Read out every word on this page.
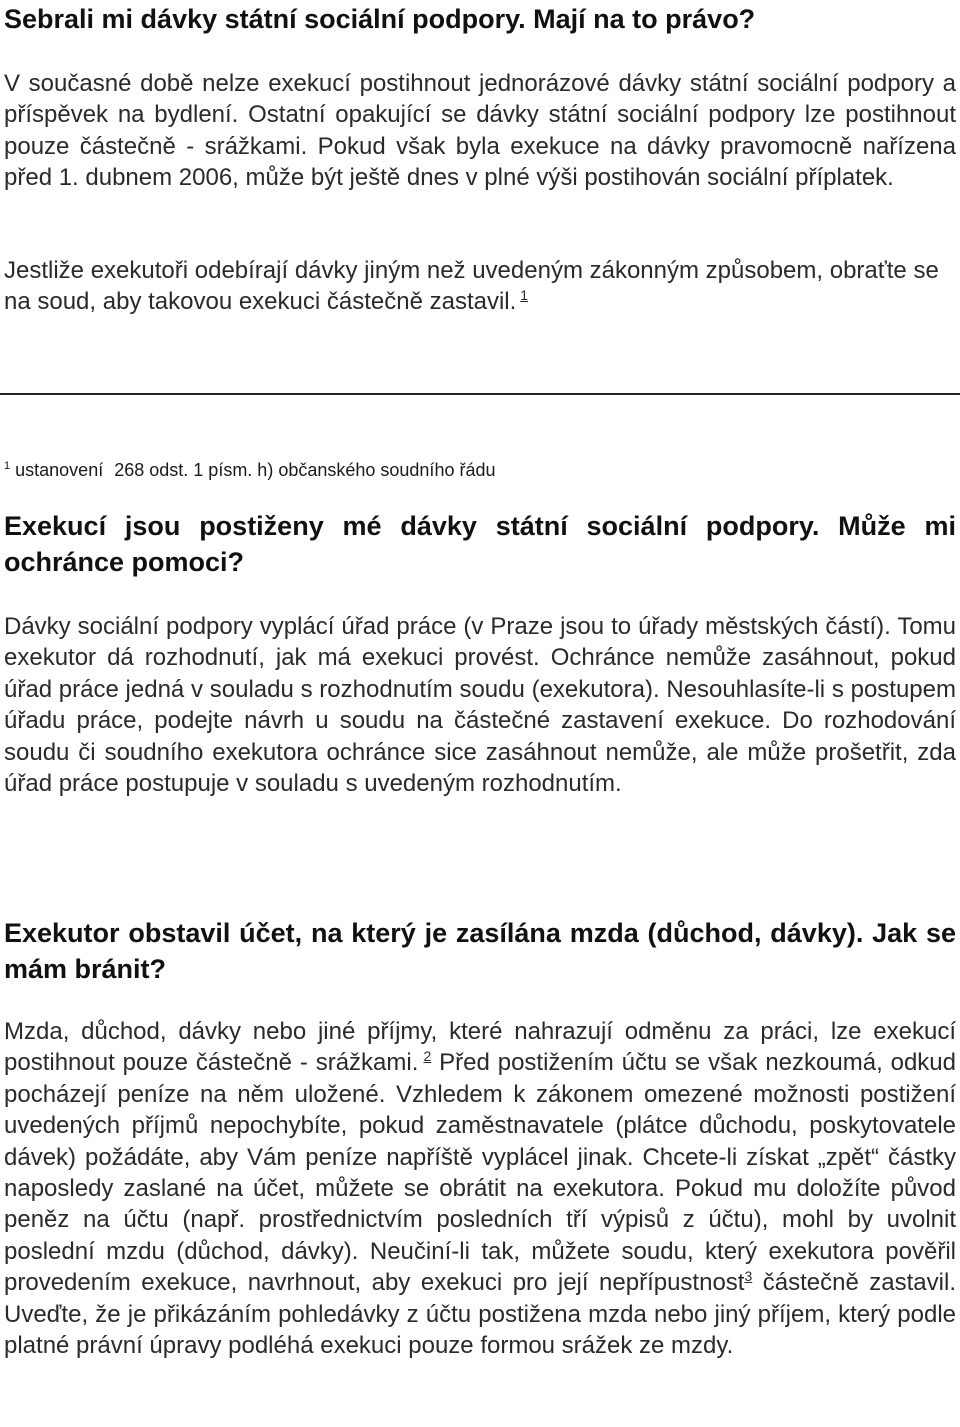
Sebrali mi dávky státní sociální podpory. Mají na to právo?

V současné době nelze exekucí postihnout jednorázové dávky státní sociální podpory a příspěvek na bydlení. Ostatní opakující se dávky státní sociální podpory lze postihnout pouze částečně - srážkami. Pokud však byla exekuce na dávky pravomocně nařízena před 1. dubnem 2006, může být ještě dnes v plné výši postihován sociální příplatek.

Jestliže exekutoři odebírají dávky jiným než uvedeným zákonným způsobem, obraťte se na soud, aby takovou exekuci částečně zastavil. $^1$

$^1$ ustanovení 268 odst. 1 písm. h) občanského soudního řádu
Exekucí jsou postiženy mé dávky státní sociální podpory. Může mi ochránce pomoci?

Dávky sociální podpory vyplácí úřad práce (v Praze jsou to úřady městských částí). Tomu exekutor dá rozhodnutí, jak má exekuci provést. Ochránce nemůže zasáhnout, pokud úřad práce jedná v souladu s rozhodnutím soudu (exekutora). Nesouhlasíte-li s postupem úřadu práce, podejte návrh u soudu na částečné zastavení exekuce. Do rozhodování soudu či soudního exekutora ochránce sice zasáhnout nemůže, ale může prošetřit, zda úřad práce postupuje v souladu s uvedeným rozhodnutím.

Exekutor obstavil účet, na který je zasílána mzda (důchod, dávky). Jak se mám bránit?

Mzda, důchod, dávky nebo jiné příjmy, které nahrazují odměnu za práci, lze exekucí postihnout pouze částečně - srážkami. $^2$ Před postižením účtu se však nezkoumá, odkud pocházejí peníze na něm uložené. Vzhledem k zákonem omezené možnosti postižení uvedených příjmů nepochybíte, pokud zaměstnavatele (plátce důchodu, poskytovatele dávek) požádáte, aby Vám peníze napříště vyplácel jinak. Chcete-li získat „zpět“ částky naposledy zaslané na účet, můžete se obrátit na exekutora. Pokud mu doložíte původ peněz na účtu (např. prostřednictvím posledních tří výpisů z účtu), mohl by uvolnit poslední mzdu (důchod, dávky). Neučiní-li tak, můžete soudu, který exekutora pověřil provedením exekuce, navrhnout, aby exekuci pro její nepřípustnost$^3$ částečně zastavil. Uveďte, že je přikázáním pohledávky z účtu postižena mzda nebo jiný příjem, který podle platné právní úpravy podléhá exekuci pouze formou srážek ze mzdy.
